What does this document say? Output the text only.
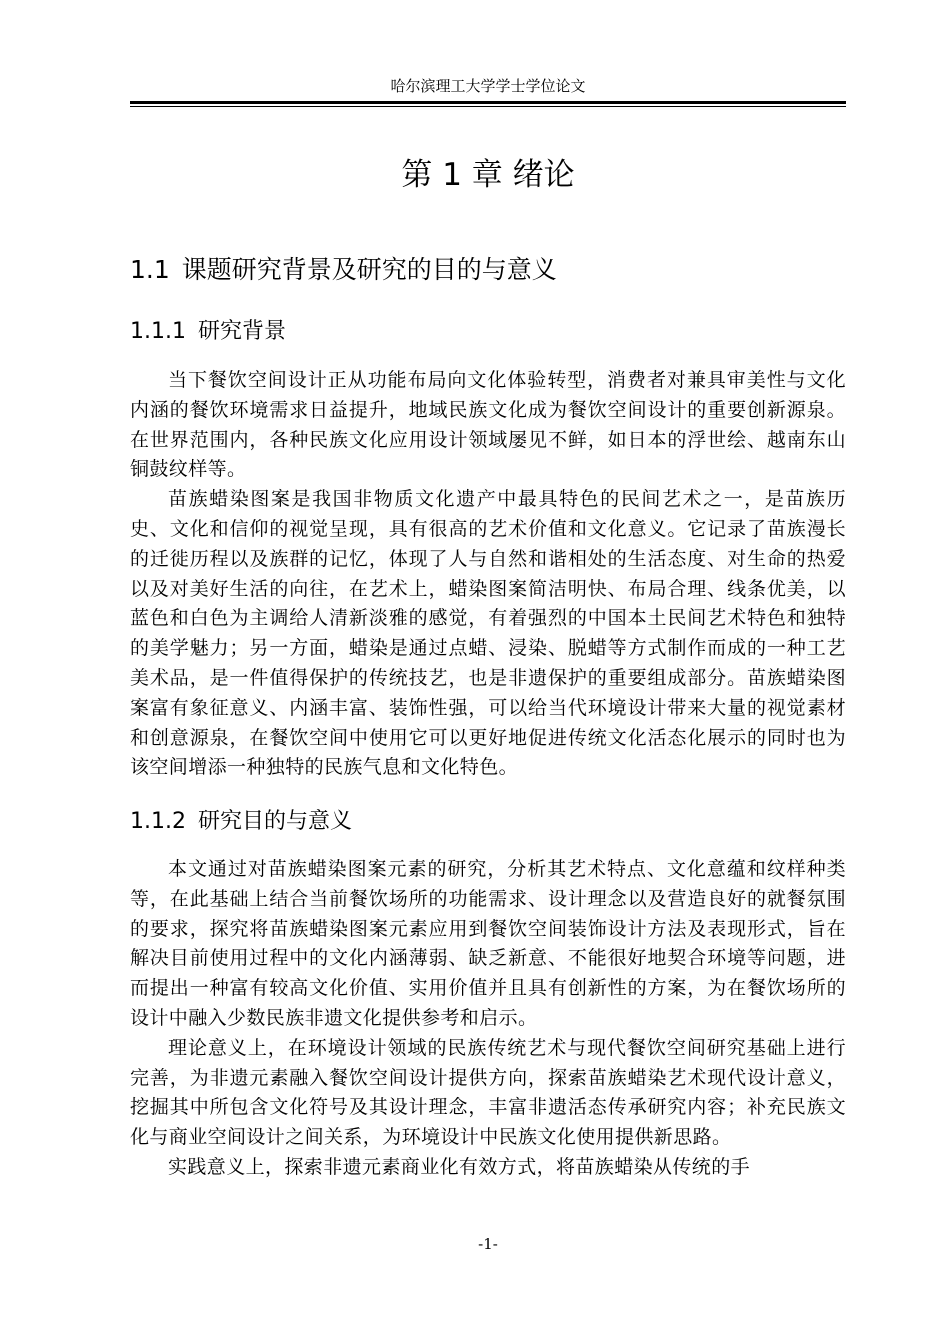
哈尔滨理工大学学士学位论文
第 1 章 绪论
1.1 课题研究背景及研究的目的与意义
1.1.1 研究背景

当下餐饮空间设计正从功能布局向文化体验转型，消费者对兼具审美性与文化内涵的餐饮环境需求日益提升，地域民族文化成为餐饮空间设计的重要创新源泉。在世界范围内，各种民族文化应用设计领域屡见不鲜，如日本的浮世绘、越南东山铜鼓纹样等。

苗族蜡染图案是我国非物质文化遗产中最具特色的民间艺术之一，是苗族历史、文化和信仰的视觉呈现，具有很高的艺术价值和文化意义。它记录了苗族漫长的迁徙历程以及族群的记忆，体现了人与自然和谐相处的生活态度、对生命的热爱以及对美好生活的向往，在艺术上，蜡染图案简洁明快、布局合理、线条优美，以蓝色和白色为主调给人清新淡雅的感觉，有着强烈的中国本土民间艺术特色和独特的美学魅力；另一方面，蜡染是通过点蜡、浸染、脱蜡等方式制作而成的一种工艺美术品，是一件值得保护的传统技艺，也是非遗保护的重要组成部分。苗族蜡染图案富有象征意义、内涵丰富、装饰性强，可以给当代环境设计带来大量的视觉素材和创意源泉，在餐饮空间中使用它可以更好地促进传统文化活态化展示的同时也为该空间增添一种独特的民族气息和文化特色。

1.1.2 研究目的与意义

本文通过对苗族蜡染图案元素的研究，分析其艺术特点、文化意蕴和纹样种类等，在此基础上结合当前餐饮场所的功能需求、设计理念以及营造良好的就餐氛围的要求，探究将苗族蜡染图案元素应用到餐饮空间装饰设计方法及表现形式，旨在解决目前使用过程中的文化内涵薄弱、缺乏新意、不能很好地契合环境等问题，进而提出一种富有较高文化价值、实用价值并且具有创新性的方案，为在餐饮场所的设计中融入少数民族非遗文化提供参考和启示。

理论意义上，在环境设计领域的民族传统艺术与现代餐饮空间研究基础上进行完善，为非遗元素融入餐饮空间设计提供方向，探索苗族蜡染艺术现代设计意义，挖掘其中所包含文化符号及其设计理念，丰富非遗活态传承研究内容；补充民族文化与商业空间设计之间关系，为环境设计中民族文化使用提供新思路。

实践意义上，探索非遗元素商业化有效方式，将苗族蜡染从传统的手

-1-
